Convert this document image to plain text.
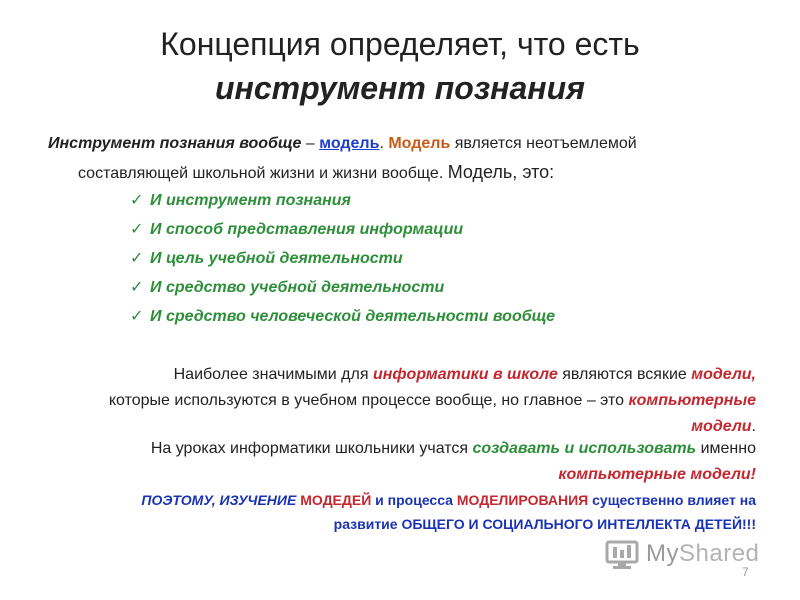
Концепция определяет, что есть
инструмент познания
Инструмент познания вообще – модель. Модель является неотъемлемой
составляющей школьной жизни и жизни вообще. Модель, это:
✓ И инструмент познания
✓ И способ представления информации
✓ И цель учебной деятельности
✓ И средство учебной деятельности
✓ И средство человеческой деятельности вообще
Наиболее значимыми для информатики в школе являются всякие модели,
которые используются в учебном процессе вообще, но главное – это компьютерные модели.
На уроках информатики школьники учатся создавать и использовать именно
компьютерные модели!
ПОЭТОМУ, ИЗУЧЕНИЕ МОДЕДЕЙ и процесса МОДЕЛИРОВАНИЯ существенно влияет на
развитие ОБЩЕГО И СОЦИАЛЬНОГО ИНТЕЛЛЕКТА ДЕТЕЙ!!!
MyShared
7
